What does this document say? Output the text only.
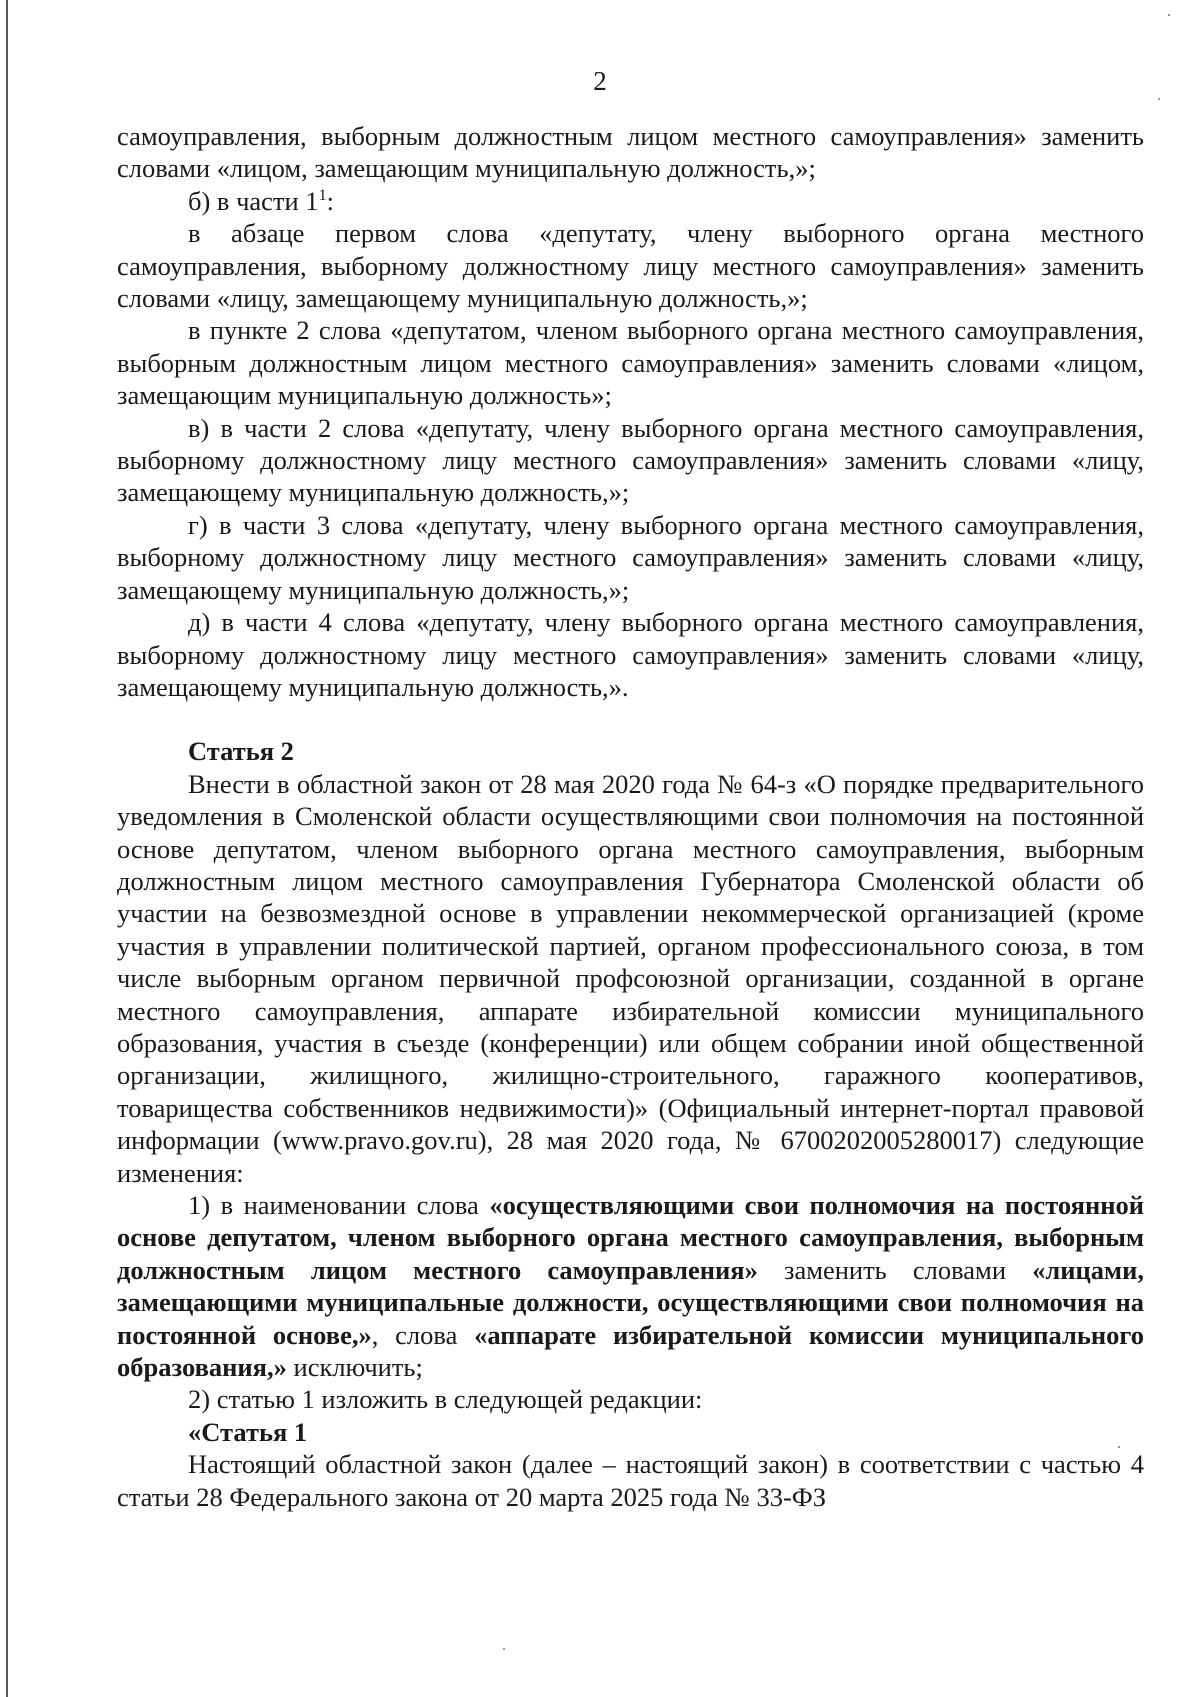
2

самоуправления, выборным должностным лицом местного самоуправления» заменить словами «лицом, замещающим муниципальную должность,»;

б) в части $1^1$:

в абзаце первом слова «депутату, члену выборного органа местного самоуправления, выборному должностному лицу местного самоуправления» заменить словами «лицу, замещающему муниципальную должность,»;

в пункте 2 слова «депутатом, членом выборного органа местного самоуправления, выборным должностным лицом местного самоуправления» заменить словами «лицом, замещающим муниципальную должность»;

в) в части 2 слова «депутату, члену выборного органа местного самоуправления, выборному должностному лицу местного самоуправления» заменить словами «лицу, замещающему муниципальную должность,»;

г) в части 3 слова «депутату, члену выборного органа местного самоуправления, выборному должностному лицу местного самоуправления» заменить словами «лицу, замещающему муниципальную должность,»;

д) в части 4 слова «депутату, члену выборного органа местного самоуправления, выборному должностному лицу местного самоуправления» заменить словами «лицу, замещающему муниципальную должность,».

Статья 2

Внести в областной закон от 28 мая 2020 года № 64-з «О порядке предварительного уведомления в Смоленской области осуществляющими свои полномочия на постоянной основе депутатом, членом выборного органа местного самоуправления, выборным должностным лицом местного самоуправления Губернатора Смоленской области об участии на безвозмездной основе в управлении некоммерческой организацией (кроме участия в управлении политической партией, органом профессионального союза, в том числе выборным органом первичной профсоюзной организации, созданной в органе местного самоуправления, аппарате избирательной комиссии муниципального образования, участия в съезде (конференции) или общем собрании иной общественной организации, жилищного, жилищно-строительного, гаражного кооперативов, товарищества собственников недвижимости)» (Официальный интернет-портал правовой информации (www.pravo.gov.ru), 28 мая 2020 года, № 6700202005280017) следующие изменения:

1) в наименовании слова «осуществляющими свои полномочия на постоянной основе депутатом, членом выборного органа местного самоуправления, выборным должностным лицом местного самоуправления» заменить словами «лицами, замещающими муниципальные должности, осуществляющими свои полномочия на постоянной основе,», слова «аппарате избирательной комиссии муниципального образования,» исключить;

2) статью 1 изложить в следующей редакции:

«Статья 1

Настоящий областной закон (далее – настоящий закон) в соответствии с частью 4 статьи 28 Федерального закона от 20 марта 2025 года № 33-ФЗ
